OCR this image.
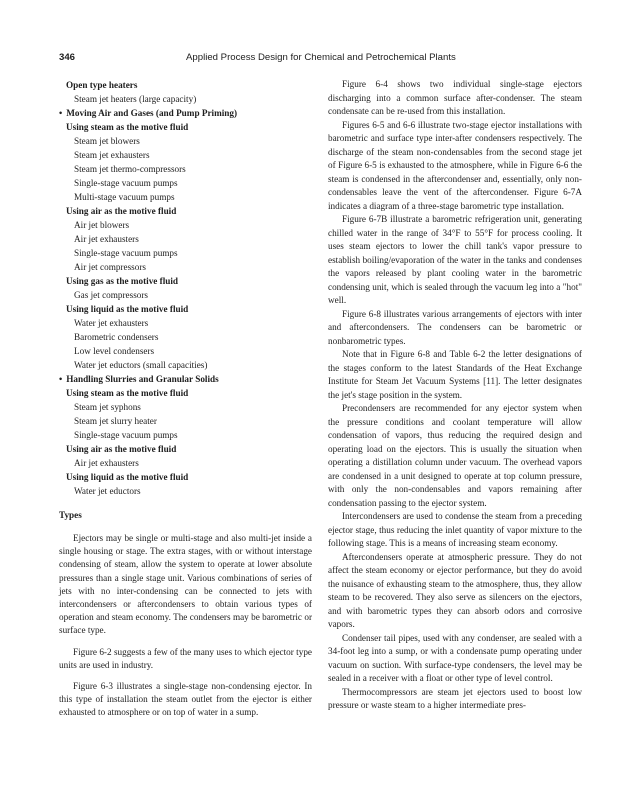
346	Applied Process Design for Chemical and Petrochemical Plants
Open type heaters
Steam jet heaters (large capacity)
• Moving Air and Gases (and Pump Priming)
Using steam as the motive fluid
Steam jet blowers
Steam jet exhausters
Steam jet thermo-compressors
Single-stage vacuum pumps
Multi-stage vacuum pumps
Using air as the motive fluid
Air jet blowers
Air jet exhausters
Single-stage vacuum pumps
Air jet compressors
Using gas as the motive fluid
Gas jet compressors
Using liquid as the motive fluid
Water jet exhausters
Barometric condensers
Low level condensers
Water jet eductors (small capacities)
• Handling Slurries and Granular Solids
Using steam as the motive fluid
Steam jet syphons
Steam jet slurry heater
Single-stage vacuum pumps
Using air as the motive fluid
Air jet exhausters
Using liquid as the motive fluid
Water jet eductors
Types

Ejectors may be single or multi-stage and also multi-jet inside a single housing or stage. The extra stages, with or without interstage condensing of steam, allow the system to operate at lower absolute pressures than a single stage unit. Various combinations of series of jets with no inter-condensing can be connected to jets with intercondensers or aftercondensers to obtain various types of operation and steam economy. The condensers may be barometric or surface type.

Figure 6-2 suggests a few of the many uses to which ejector type units are used in industry.

Figure 6-3 illustrates a single-stage non-condensing ejector. In this type of installation the steam outlet from the ejector is either exhausted to atmosphere or on top of water in a sump.

Figure 6-4 shows two individual single-stage ejectors discharging into a common surface after-condenser. The steam condensate can be re-used from this installation.

Figures 6-5 and 6-6 illustrate two-stage ejector installations with barometric and surface type inter-after condensers respectively. The discharge of the steam non-condensables from the second stage jet of Figure 6-5 is exhausted to the atmosphere, while in Figure 6-6 the steam is condensed in the aftercondenser and, essentially, only non-condensables leave the vent of the aftercondenser. Figure 6-7A indicates a diagram of a three-stage barometric type installation.

Figure 6-7B illustrate a barometric refrigeration unit, generating chilled water in the range of 34°F to 55°F for process cooling. It uses steam ejectors to lower the chill tank's vapor pressure to establish boiling/evaporation of the water in the tanks and condenses the vapors released by plant cooling water in the barometric condensing unit, which is sealed through the vacuum leg into a "hot" well.

Figure 6-8 illustrates various arrangements of ejectors with inter and aftercondensers. The condensers can be barometric or nonbarometric types.

Note that in Figure 6-8 and Table 6-2 the letter designations of the stages conform to the latest Standards of the Heat Exchange Institute for Steam Jet Vacuum Systems [11]. The letter designates the jet's stage position in the system.

Precondensers are recommended for any ejector system when the pressure conditions and coolant temperature will allow condensation of vapors, thus reducing the required design and operating load on the ejectors. This is usually the situation when operating a distillation column under vacuum. The overhead vapors are condensed in a unit designed to operate at top column pressure, with only the non-condensables and vapors remaining after condensation passing to the ejector system.

Intercondensers are used to condense the steam from a preceding ejector stage, thus reducing the inlet quantity of vapor mixture to the following stage. This is a means of increasing steam economy.

Aftercondensers operate at atmospheric pressure. They do not affect the steam economy or ejector performance, but they do avoid the nuisance of exhausting steam to the atmosphere, thus, they allow steam to be recovered. They also serve as silencers on the ejectors, and with barometric types they can absorb odors and corrosive vapors.

Condenser tail pipes, used with any condenser, are sealed with a 34-foot leg into a sump, or with a condensate pump operating under vacuum on suction. With surface-type condensers, the level may be sealed in a receiver with a float or other type of level control.

Thermocompressors are steam jet ejectors used to boost low pressure or waste steam to a higher intermediate pres-
